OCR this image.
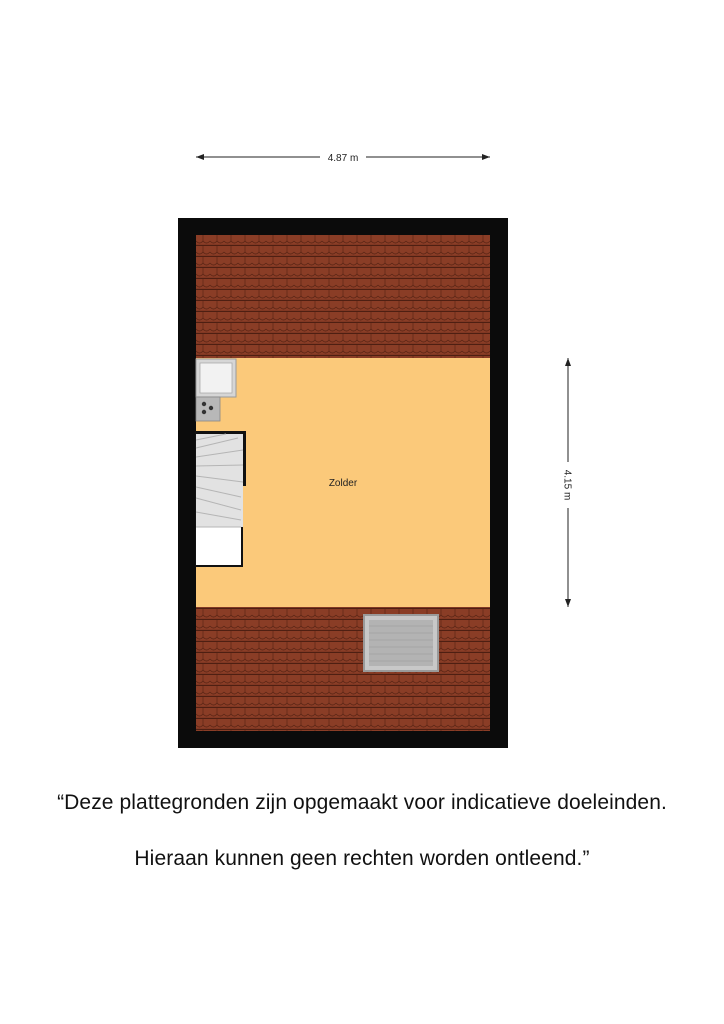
4.87 m
4.15 m
Zolder
“Deze plattegronden zijn opgemaakt voor indicatieve doeleinden.
Hieraan kunnen geen rechten worden ontleend.”
